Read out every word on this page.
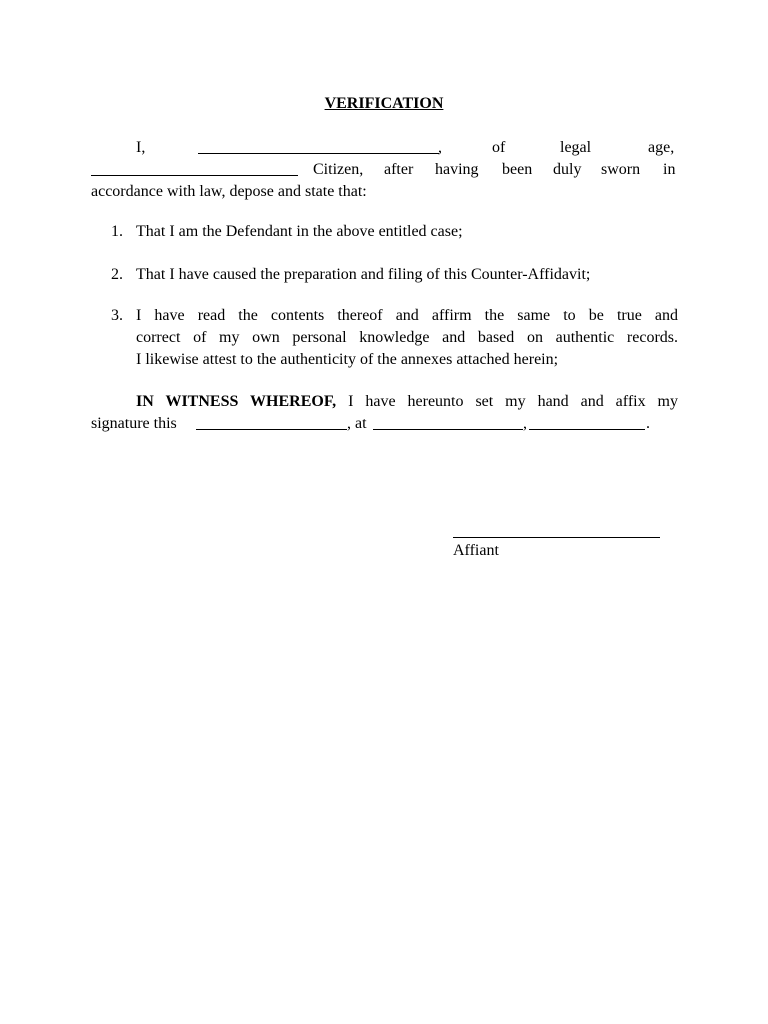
VERIFICATION
I,	,	of	legal	age,
Citizen, after having been duly sworn in
accordance with law, depose and state that:
1. That I am the Defendant in the above entitled case;
2. That I have caused the preparation and filing of this Counter-Affidavit;
3. I have read the contents thereof and affirm the same to be true and
correct of my own personal knowledge and based on authentic records.
I likewise attest to the authenticity of the annexes attached herein;
IN WITNESS WHEREOF, I have hereunto set my hand and affix my
signature this	, at	,	.
Affiant
